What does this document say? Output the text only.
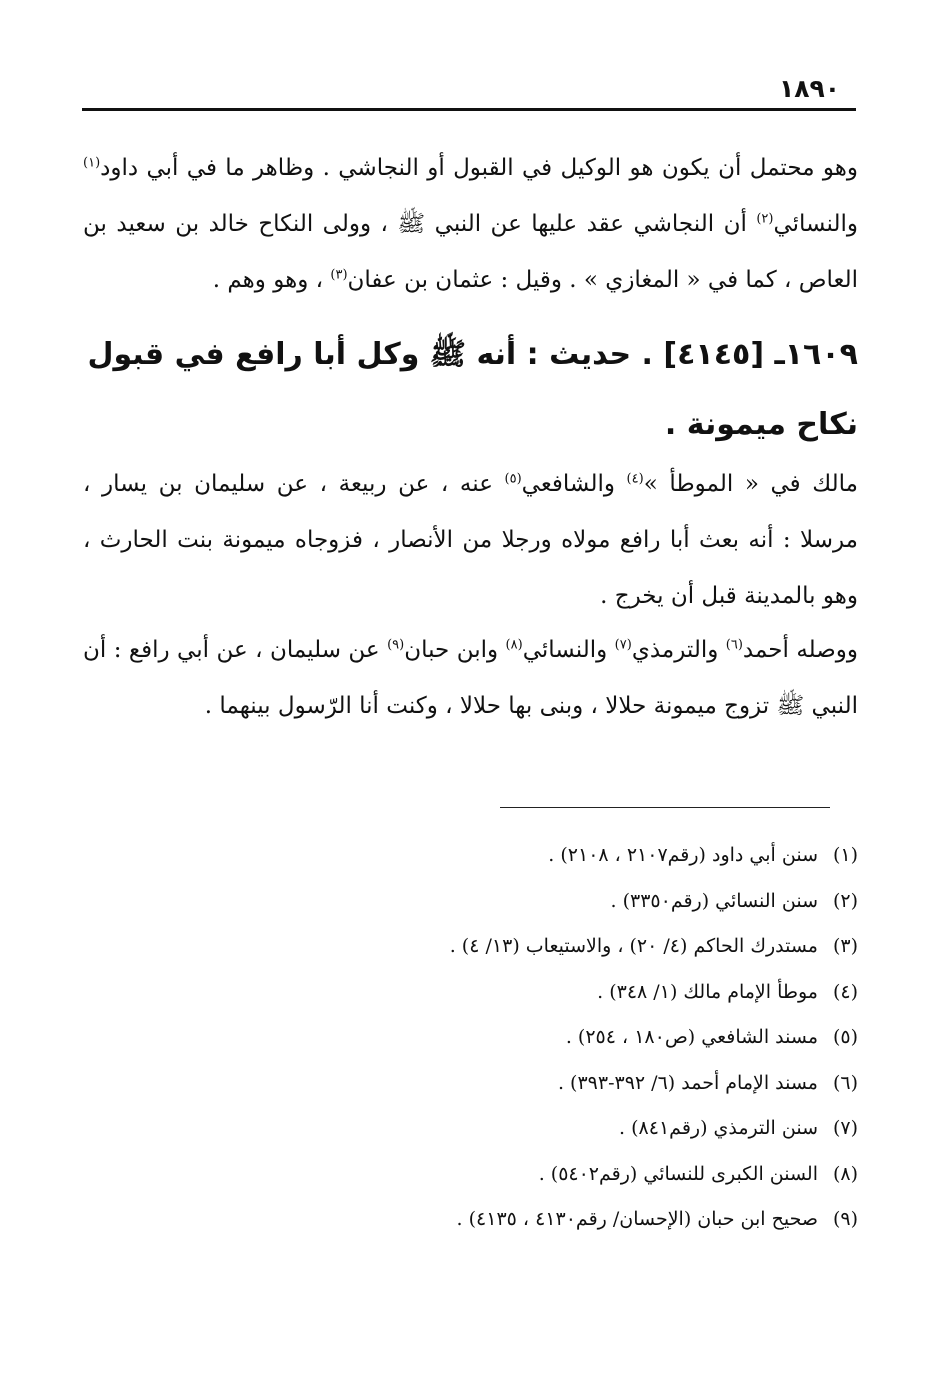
١٨٩٠
وهو محتمل أن يكون هو الوكيل في القبول أو النجاشي . وظاهر ما في أبي داود$^{(١)}$ والنسائي$^{(٢)}$ أن النجاشي عقد عليها عن النبي ﷺ ، وولى النكاح خالد بن سعيد بن العاص ، كما في « المغازي » . وقيل : عثمان بن عفان$^{(٣)}$ ، وهو وهم .
١٦٠٩ـ [٤١٤٥] . حديث : أنه ﷺ وكل أبا رافع في قبول نكاح ميمونة .
مالك في « الموطأ »$^{(٤)}$ والشافعي$^{(٥)}$ عنه ، عن ربيعة ، عن سليمان بن يسار ، مرسلا : أنه بعث أبا رافع مولاه ورجلا من الأنصار ، فزوجاه ميمونة بنت الحارث ، وهو بالمدينة قبل أن يخرج .
ووصله أحمد$^{(٦)}$ والترمذي$^{(٧)}$ والنسائي$^{(٨)}$ وابن حبان$^{(٩)}$ عن سليمان ، عن أبي رافع : أن النبي ﷺ تزوج ميمونة حلالا ، وبنى بها حلالا ، وكنت أنا الرّسول بينهما .
(١)سنن أبي داود (رقم٢١٠٧ ، ٢١٠٨) .
(٢)سنن النسائي (رقم٣٣٥٠) .
(٣)مستدرك الحاكم (٤/ ٢٠) ، والاستيعاب (١٣/ ٤) .
(٤)موطأ الإمام مالك (١/ ٣٤٨) .
(٥)مسند الشافعي (ص١٨٠ ، ٢٥٤) .
(٦)مسند الإمام أحمد (٦/ ٣٩٢-٣٩٣) .
(٧)سنن الترمذي (رقم٨٤١) .
(٨)السنن الكبرى للنسائي (رقم٥٤٠٢) .
(٩)صحيح ابن حبان (الإحسان/ رقم٤١٣٠ ، ٤١٣٥) .
